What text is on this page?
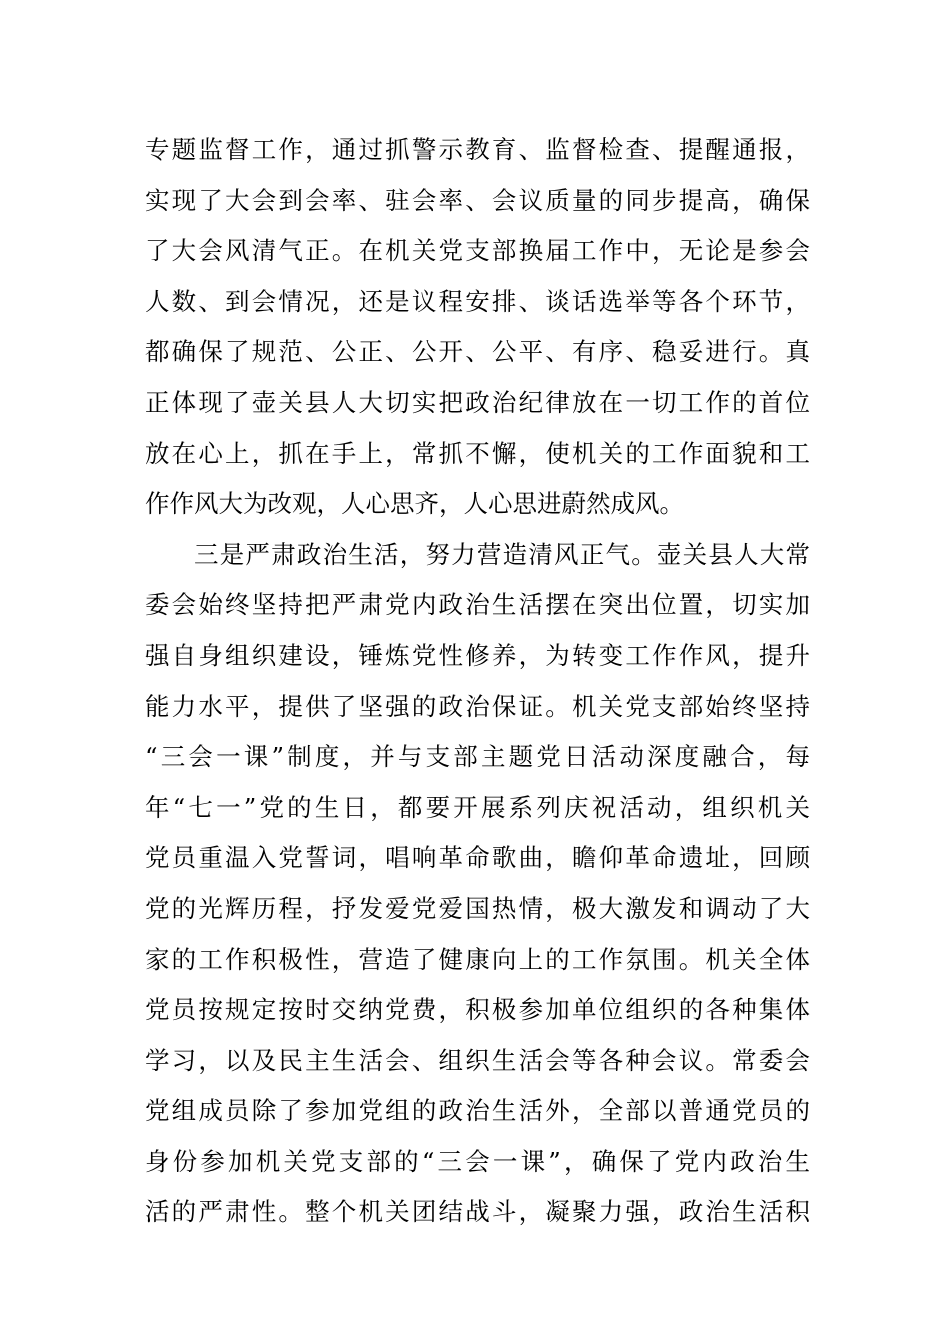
专题监督工作，通过抓警示教育、监督检查、提醒通报，
实现了大会到会率、驻会率、会议质量的同步提高，确保
了大会风清气正。在机关党支部换届工作中，无论是参会
人数、到会情况，还是议程安排、谈话选举等各个环节，
都确保了规范、公正、公开、公平、有序、稳妥进行。真
正体现了壶关县人大切实把政治纪律放在一切工作的首位
放在心上，抓在手上，常抓不懈，使机关的工作面貌和工
作作风大为改观，人心思齐，人心思进蔚然成风。
三是严肃政治生活，努力营造清风正气。壶关县人大常
委会始终坚持把严肃党内政治生活摆在突出位置，切实加
强自身组织建设，锤炼党性修养，为转变工作作风，提升
能力水平，提供了坚强的政治保证。机关党支部始终坚持
“三会一课”制度，并与支部主题党日活动深度融合，每
年“七一”党的生日，都要开展系列庆祝活动，组织机关
党员重温入党誓词，唱响革命歌曲，瞻仰革命遗址，回顾
党的光辉历程，抒发爱党爱国热情，极大激发和调动了大
家的工作积极性，营造了健康向上的工作氛围。机关全体
党员按规定按时交纳党费，积极参加单位组织的各种集体
学习，以及民主生活会、组织生活会等各种会议。常委会
党组成员除了参加党组的政治生活外，全部以普通党员的
身份参加机关党支部的“三会一课”，确保了党内政治生
活的严肃性。整个机关团结战斗，凝聚力强，政治生活积
